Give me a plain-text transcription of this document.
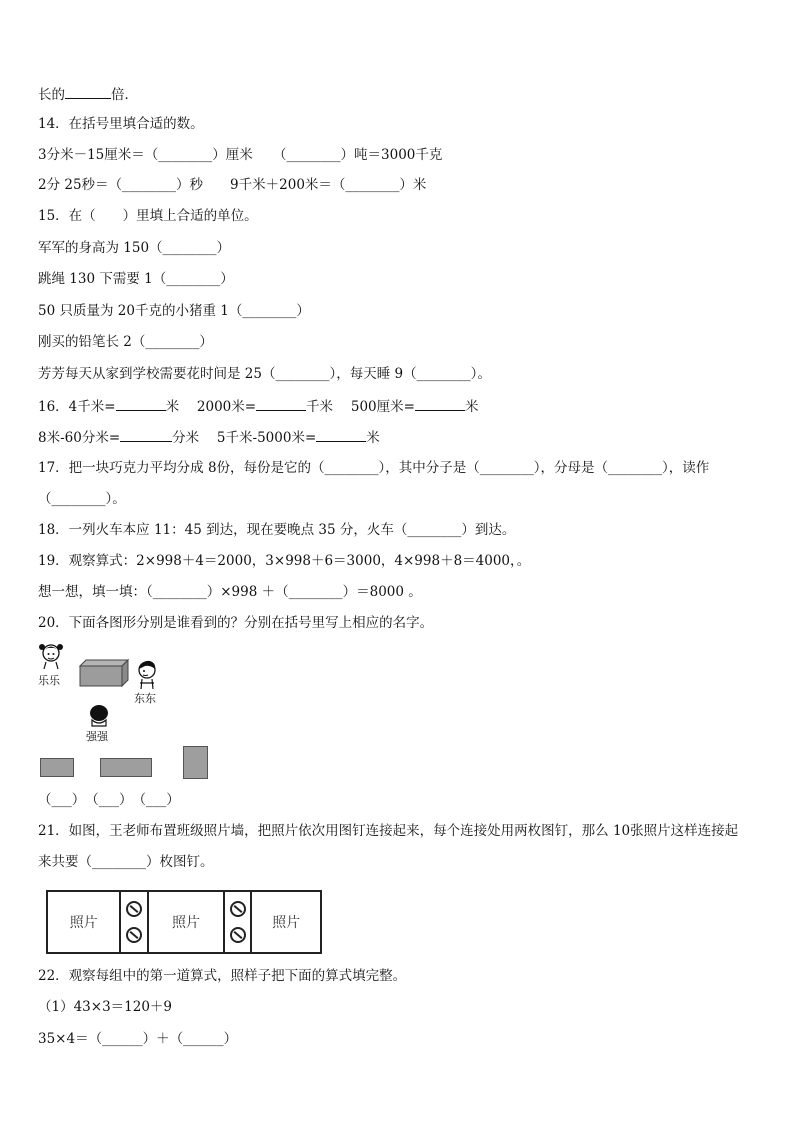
长的	倍．
14．在括号里填合适的数。
3分米－15厘米＝（________）厘米　　（________）吨＝3000千克
2分 25秒＝（________）秒　　9千米＋200米＝（________）米
15．在（　　）里填上合适的单位。
军军的身高为 150（________）
跳绳 130 下需要 1（________）
50 只质量为 20千克的小猪重 1（________）
刚买的铅笔长 2（________）
芳芳每天从家到学校需要花时间是 25（________），每天睡 9（________）。
16．4千米=	米　 2000米=	千米　 500厘米=	米
8米-60分米=	分米　 5千米-5000米=	米
17．把一块巧克力平均分成 8份，每份是它的（________），其中分子是（________），分母是（________），读作
（________）。
18．一列火车本应 11：45 到达，现在要晚点 35 分，火车（________）到达。
19．观察算式：2×998＋4＝2000，3×998＋6＝3000，4×998＋8＝4000，。
想一想，填一填：（________）×998 ＋（________）＝8000 。
20．下面各图形分别是谁看到的？分别在括号里写上相应的名字。
乐乐
东东
强强
（___）　（___）　（___）
21．如图，王老师布置班级照片墙，把照片依次用图钉连接起来，每个连接处用两枚图钉，那么 10张照片这样连接起
来共要（________）枚图钉。
照片	照片	照片
22．观察每组中的第一道算式，照样子把下面的算式填完整。
（1）43×3＝120＋9
35×4＝（______）＋（______）
